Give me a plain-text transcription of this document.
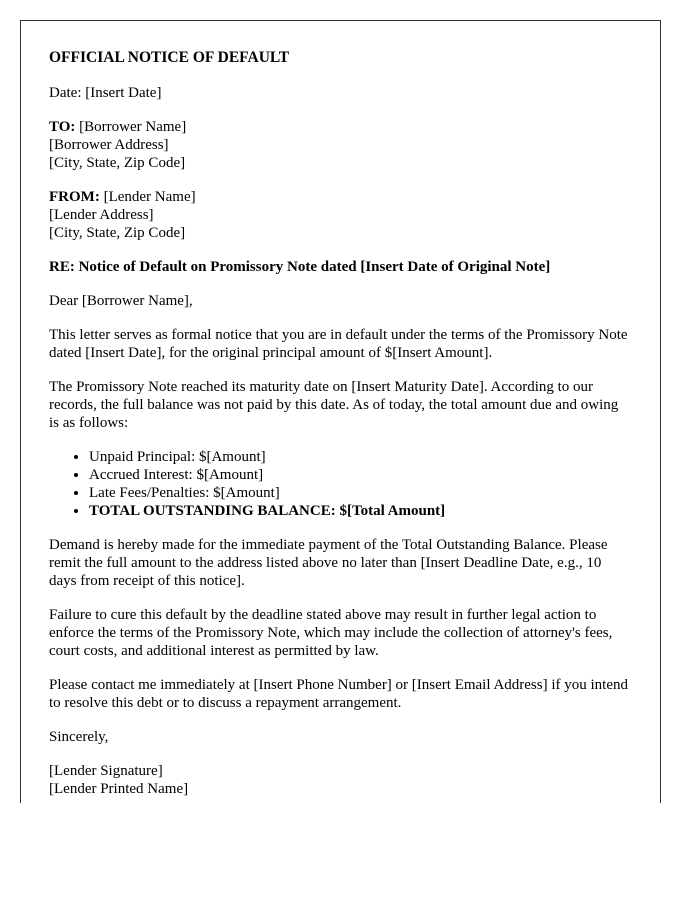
OFFICIAL NOTICE OF DEFAULT

Date: [Insert Date]

TO: [Borrower Name]
[Borrower Address]
[City, State, Zip Code]

FROM: [Lender Name]
[Lender Address]
[City, State, Zip Code]

RE: Notice of Default on Promissory Note dated [Insert Date of Original Note]

Dear [Borrower Name],

This letter serves as formal notice that you are in default under the terms of the Promissory Note dated [Insert Date], for the original principal amount of $[Insert Amount].

The Promissory Note reached its maturity date on [Insert Maturity Date]. According to our records, the full balance was not paid by this date. As of today, the total amount due and owing is as follows:

• Unpaid Principal: $[Amount]
• Accrued Interest: $[Amount]
• Late Fees/Penalties: $[Amount]
• TOTAL OUTSTANDING BALANCE: $[Total Amount]

Demand is hereby made for the immediate payment of the Total Outstanding Balance. Please remit the full amount to the address listed above no later than [Insert Deadline Date, e.g., 10 days from receipt of this notice].

Failure to cure this default by the deadline stated above may result in further legal action to enforce the terms of the Promissory Note, which may include the collection of attorney's fees, court costs, and additional interest as permitted by law.

Please contact me immediately at [Insert Phone Number] or [Insert Email Address] if you intend to resolve this debt or to discuss a repayment arrangement.

Sincerely,

[Lender Signature]
[Lender Printed Name]
